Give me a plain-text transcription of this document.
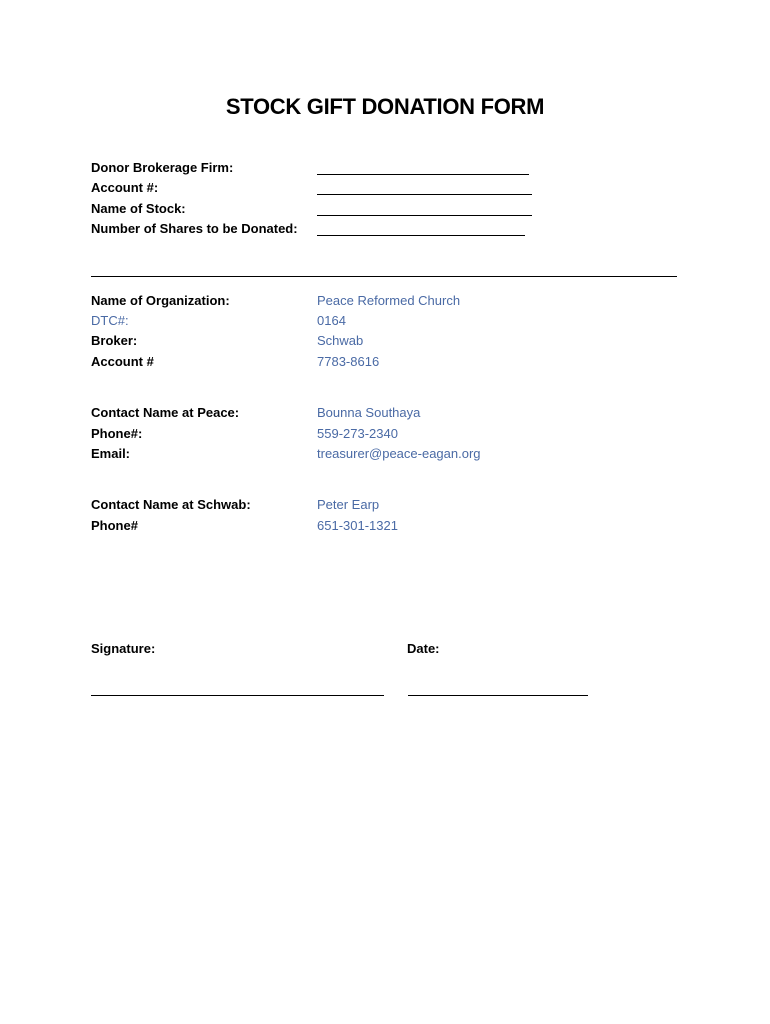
STOCK GIFT DONATION FORM
Donor Brokerage Firm:
Account #:
Name of Stock:
Number of Shares to be Donated:
Name of Organization:	Peace Reformed Church
DTC#:	0164
Broker:	Schwab
Account #	7783-8616
Contact Name at Peace:	Bounna Southaya
Phone#:	559-273-2340
Email:	treasurer@peace-eagan.org
Contact Name at Schwab:	Peter Earp
Phone#	651-301-1321
Signature:	Date:
